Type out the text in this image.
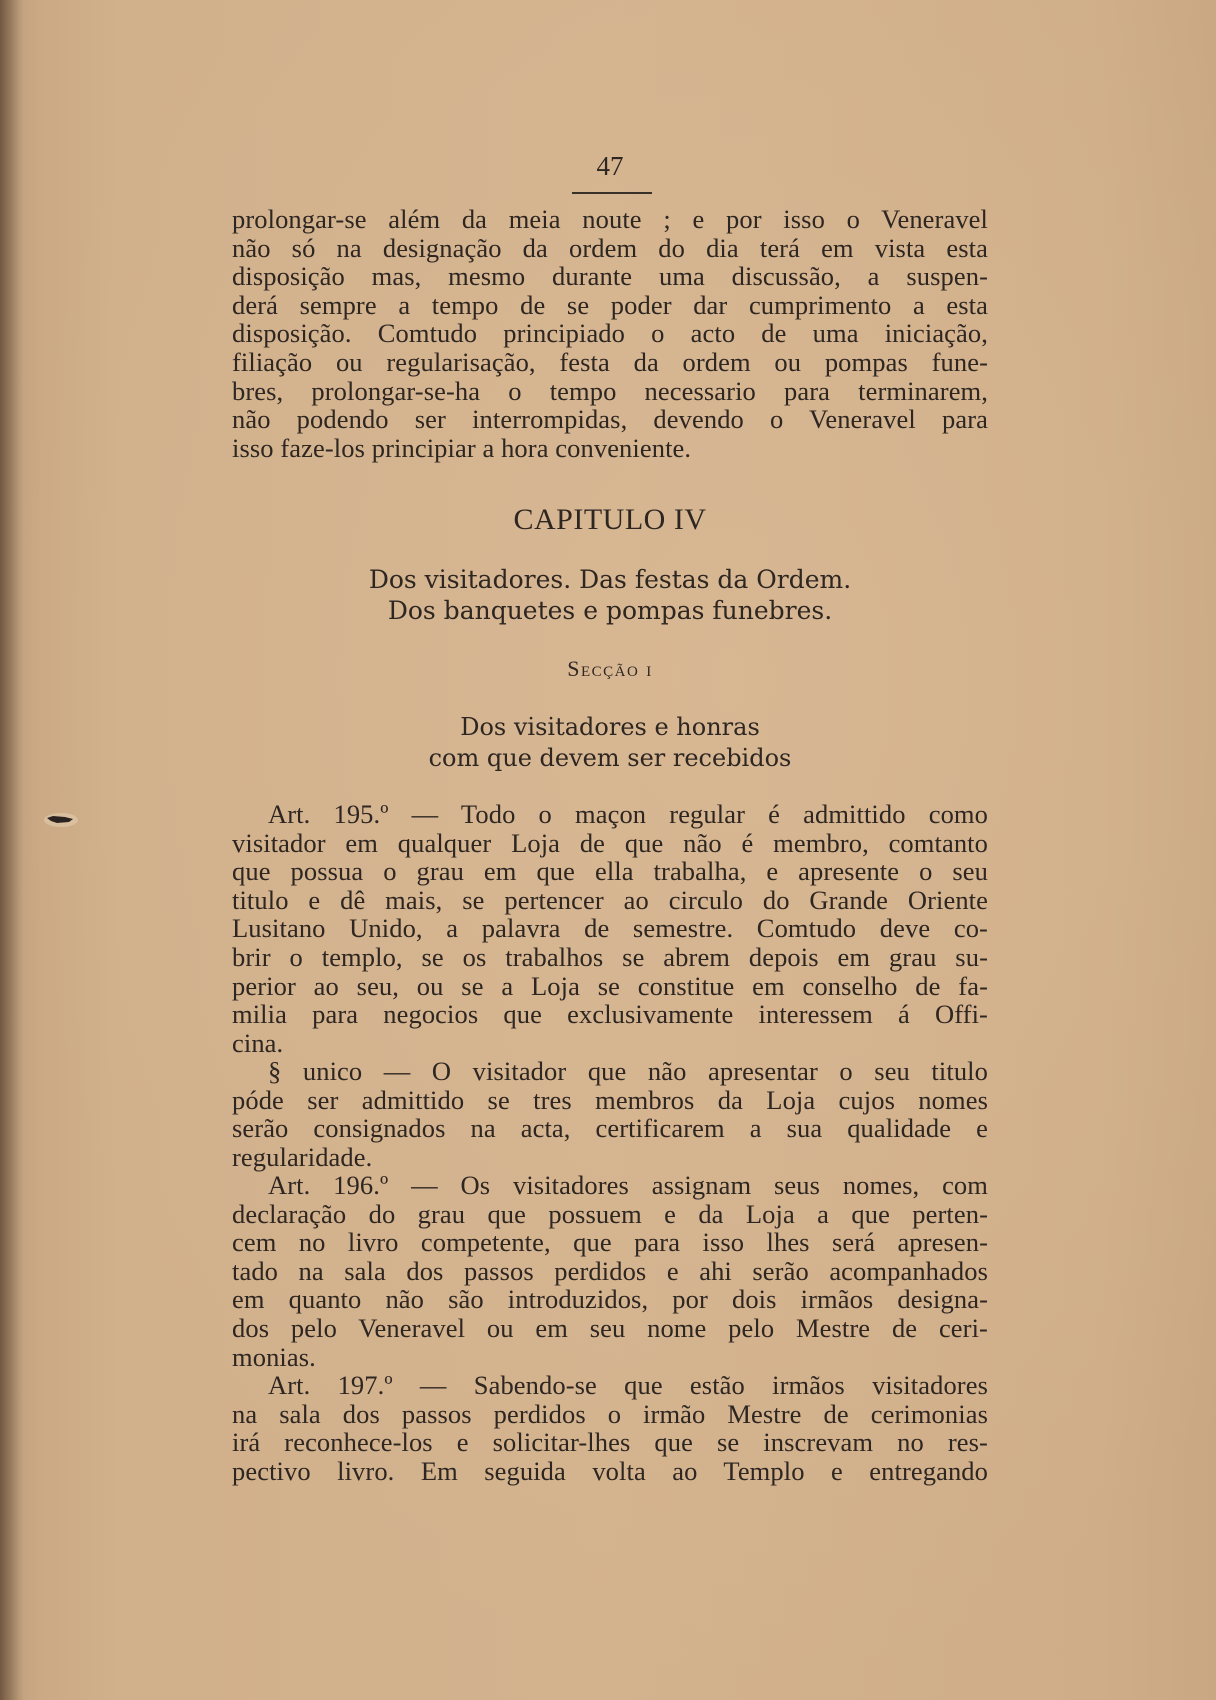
47
prolongar-se além da meia noute ; e por isso o Veneravel
não só na designação da ordem do dia terá em vista esta
disposição mas, mesmo durante uma discussão, a suspen-
derá sempre a tempo de se poder dar cumprimento a esta
disposição. Comtudo principiado o acto de uma iniciação,
filiação ou regularisação, festa da ordem ou pompas fune-
bres, prolongar-se-ha o tempo necessario para terminarem,
não podendo ser interrompidas, devendo o Veneravel para
isso faze-los principiar a hora conveniente.
CAPITULO IV
Dos visitadores. Das festas da Ordem.
Dos banquetes e pompas funebres.
Secção i
Dos visitadores e honras
com que devem ser recebidos
Art. 195.º — Todo o maçon regular é admittido como
visitador em qualquer Loja de que não é membro, comtanto
que possua o grau em que ella trabalha, e apresente o seu
titulo e dê mais, se pertencer ao circulo do Grande Oriente
Lusitano Unido, a palavra de semestre. Comtudo deve co-
brir o templo, se os trabalhos se abrem depois em grau su-
perior ao seu, ou se a Loja se constitue em conselho de fa-
milia para negocios que exclusivamente interessem á Offi-
cina.
§ unico — O visitador que não apresentar o seu titulo
póde ser admittido se tres membros da Loja cujos nomes
serão consignados na acta, certificarem a sua qualidade e
regularidade.
Art. 196.º — Os visitadores assignam seus nomes, com
declaração do grau que possuem e da Loja a que perten-
cem no livro competente, que para isso lhes será apresen-
tado na sala dos passos perdidos e ahi serão acompanhados
em quanto não são introduzidos, por dois irmãos designa-
dos pelo Veneravel ou em seu nome pelo Mestre de ceri-
monias.
Art. 197.º — Sabendo-se que estão irmãos visitadores
na sala dos passos perdidos o irmão Mestre de cerimonias
irá reconhece-los e solicitar-lhes que se inscrevam no res-
pectivo livro. Em seguida volta ao Templo e entregando
